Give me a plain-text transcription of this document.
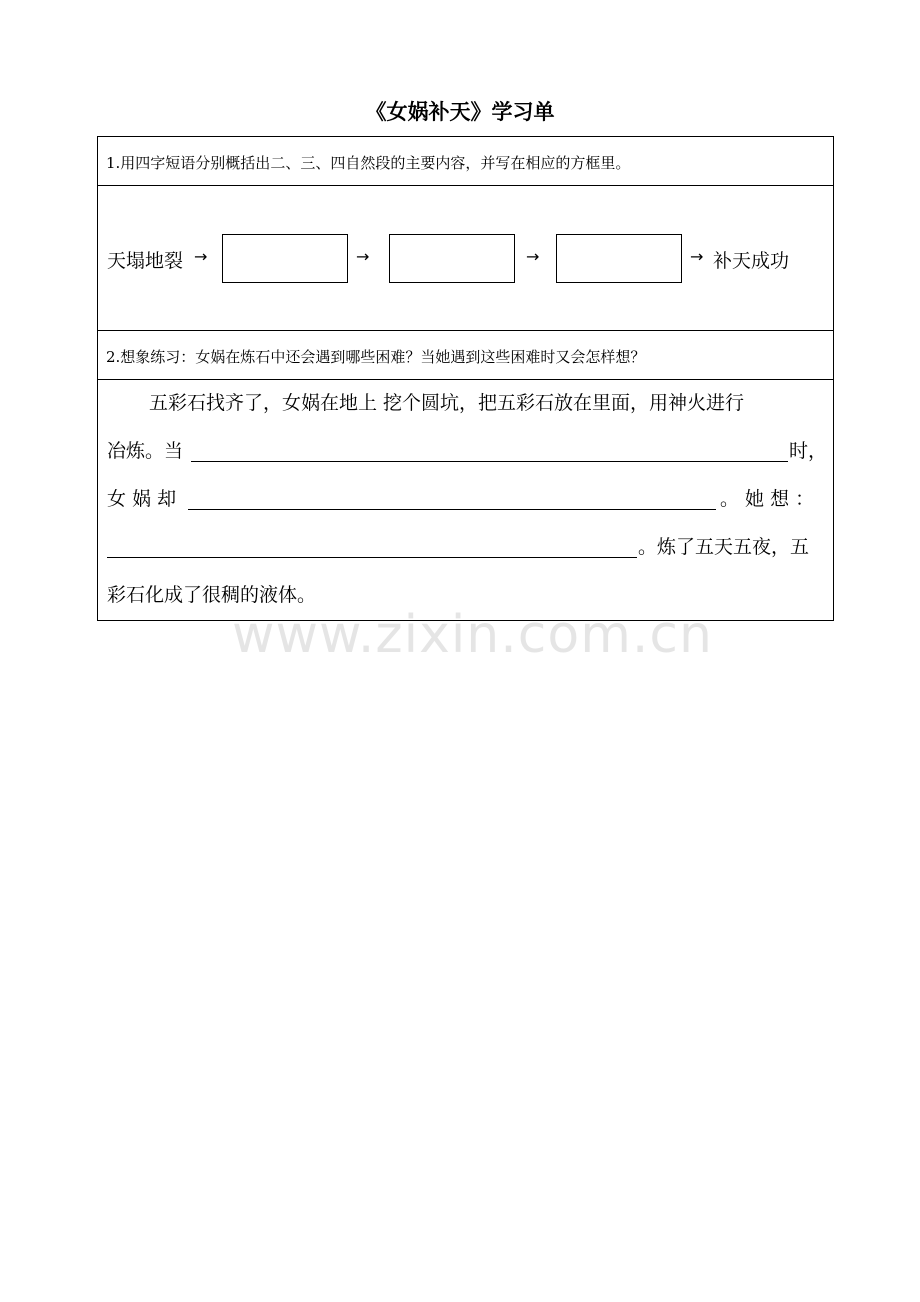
《女娲补天》学习单
1.用四字短语分别概括出二、三、四自然段的主要内容，并写在相应的方框里。
天塌地裂 →	→	→	→ 补天成功
2.想象练习：女娲在炼石中还会遇到哪些困难？当她遇到这些困难时又会怎样想？
五彩石找齐了，女娲在地上 挖个圆坑，把五彩石放在里面，用神火进行
冶炼。当	时，
女 娲 却	。 她 想 ：
。炼了五天五夜，五
彩石化成了很稠的液体。
www.zixin.com.cn
